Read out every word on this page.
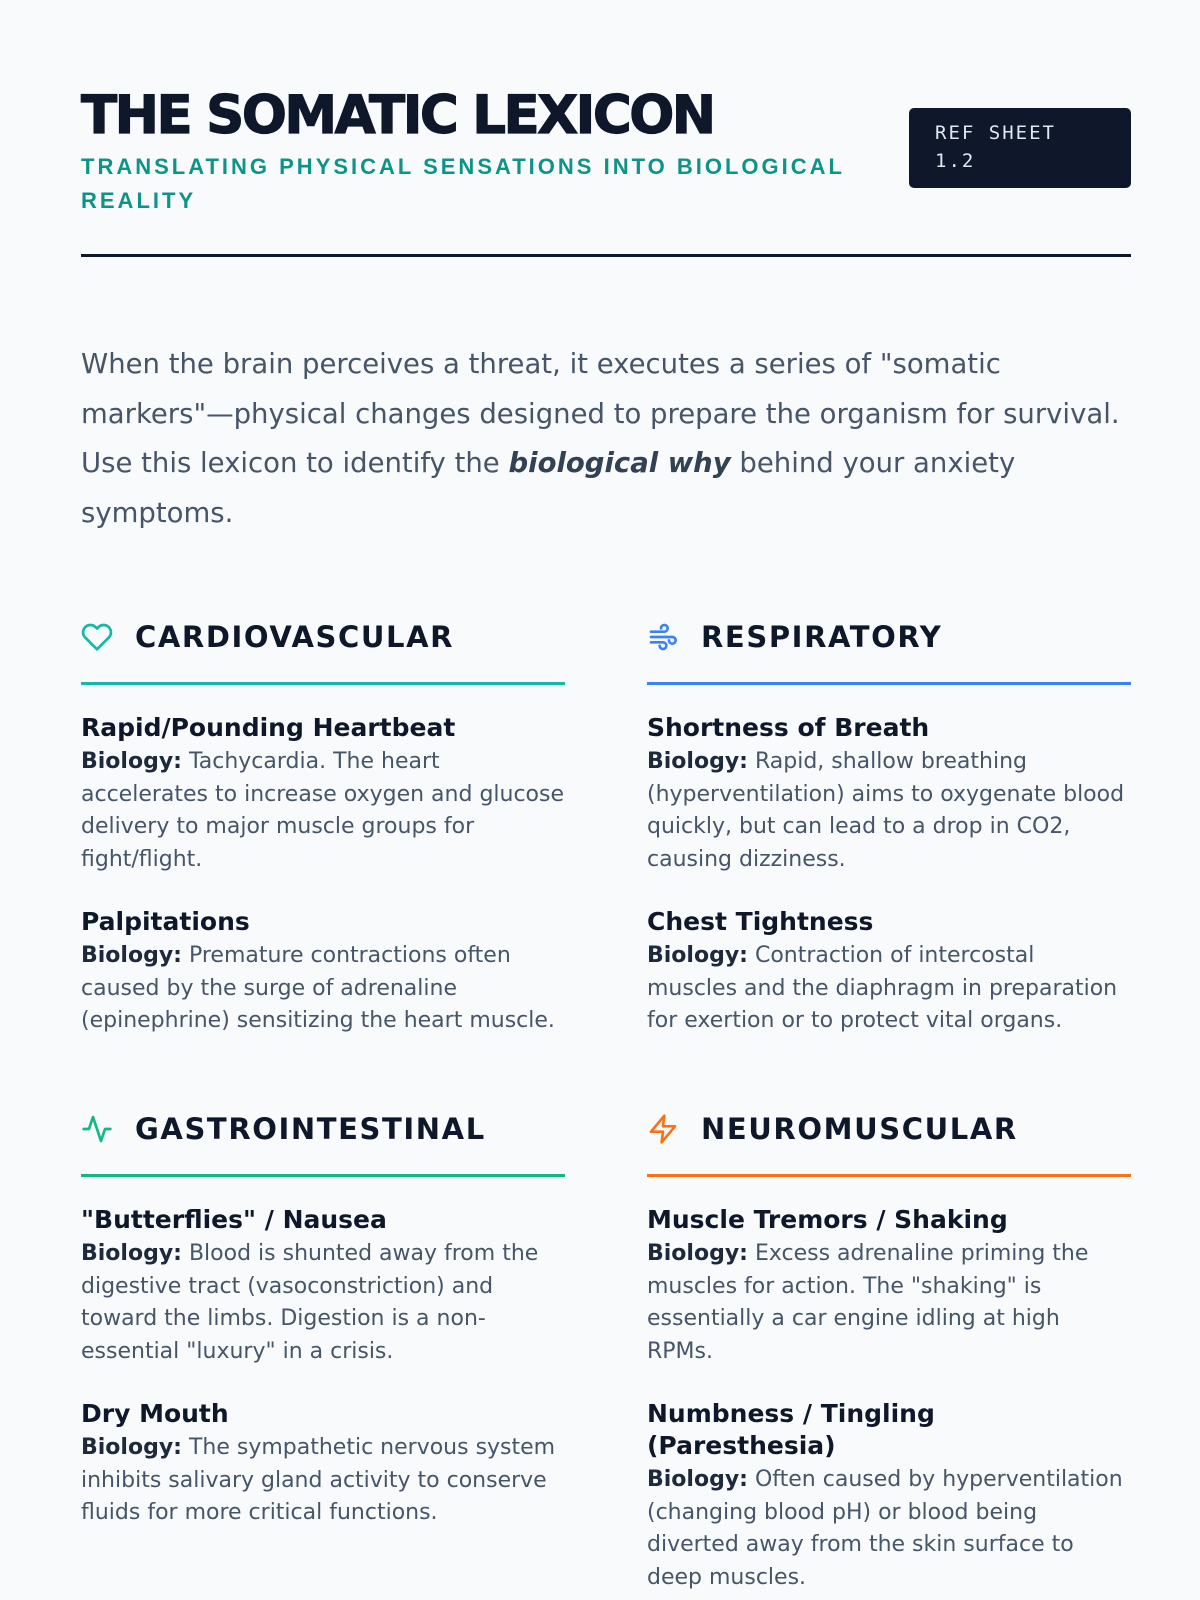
THE SOMATIC LEXICON

TRANSLATING PHYSICAL SENSATIONS INTO BIOLOGICAL REALITY

REF SHEET 1.2

When the brain perceives a threat, it executes a series of "somatic markers"—physical changes designed to prepare the organism for survival. Use this lexicon to identify the biological why behind your anxiety symptoms.

CARDIOVASCULAR
Rapid/Pounding Heartbeat

Biology: Tachycardia. The heart accelerates to increase oxygen and glucose delivery to major muscle groups for fight/flight.

Palpitations

Biology: Premature contractions often caused by the surge of adrenaline (epinephrine) sensitizing the heart muscle.

RESPIRATORY
Shortness of Breath

Biology: Rapid, shallow breathing (hyperventilation) aims to oxygenate blood quickly, but can lead to a drop in CO2, causing dizziness.

Chest Tightness

Biology: Contraction of intercostal muscles and the diaphragm in preparation for exertion or to protect vital organs.

GASTROINTESTINAL
"Butterflies" / Nausea

Biology: Blood is shunted away from the digestive tract (vasoconstriction) and toward the limbs. Digestion is a non-essential "luxury" in a crisis.

Dry Mouth

Biology: The sympathetic nervous system inhibits salivary gland activity to conserve fluids for more critical functions.

NEUROMUSCULAR
Muscle Tremors / Shaking

Biology: Excess adrenaline priming the muscles for action. The "shaking" is essentially a car engine idling at high RPMs.

Numbness / Tingling (Paresthesia)

Biology: Often caused by hyperventilation (changing blood pH) or blood being diverted away from the skin surface to deep muscles.
